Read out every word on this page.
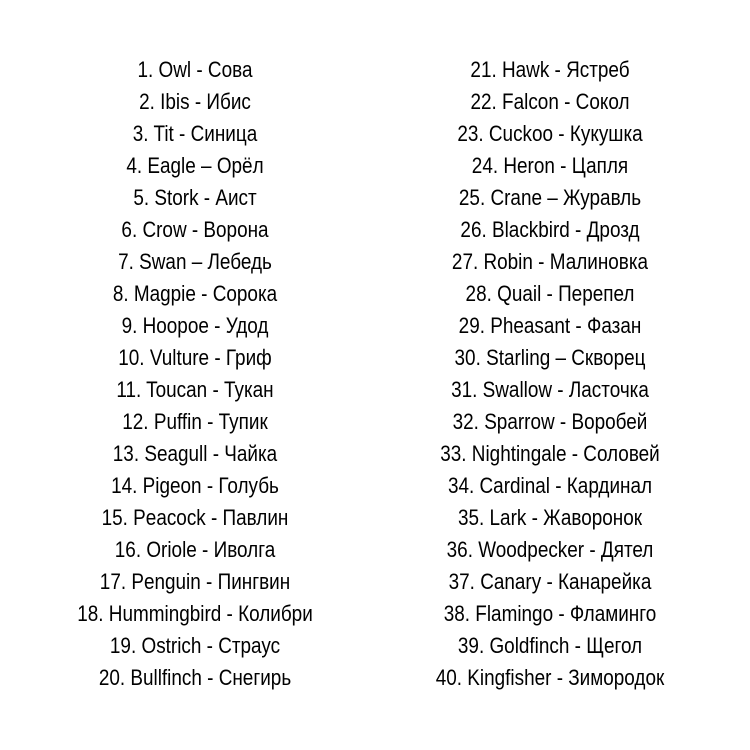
1. Owl - Сова
2. Ibis - Ибис
3. Tit - Синица
4. Eagle – Орёл
5. Stork - Аист
6. Crow - Ворона
7. Swan – Лебедь
8. Magpie - Сорока
9. Hoopoe - Удод
10. Vulture - Гриф
11. Toucan - Тукан
12. Puffin - Тупик
13. Seagull - Чайка
14. Pigeon - Голубь
15. Peacock - Павлин
16. Oriole - Иволга
17. Penguin - Пингвин
18. Hummingbird - Колибри
19. Ostrich - Страус
20. Bullfinch - Снегирь
21. Hawk - Ястреб
22. Falcon - Сокол
23. Cuckoo - Кукушка
24. Heron - Цапля
25. Crane – Журавль
26. Blackbird - Дрозд
27. Robin - Малиновка
28. Quail - Перепел
29. Pheasant - Фазан
30. Starling – Скворец
31. Swallow - Ласточка
32. Sparrow - Воробей
33. Nightingale - Соловей
34. Cardinal - Кардинал
35. Lark - Жаворонок
36. Woodpecker - Дятел
37. Canary - Канарейка
38. Flamingo - Фламинго
39. Goldfinch - Щегол
40. Kingfisher - Зимородок
